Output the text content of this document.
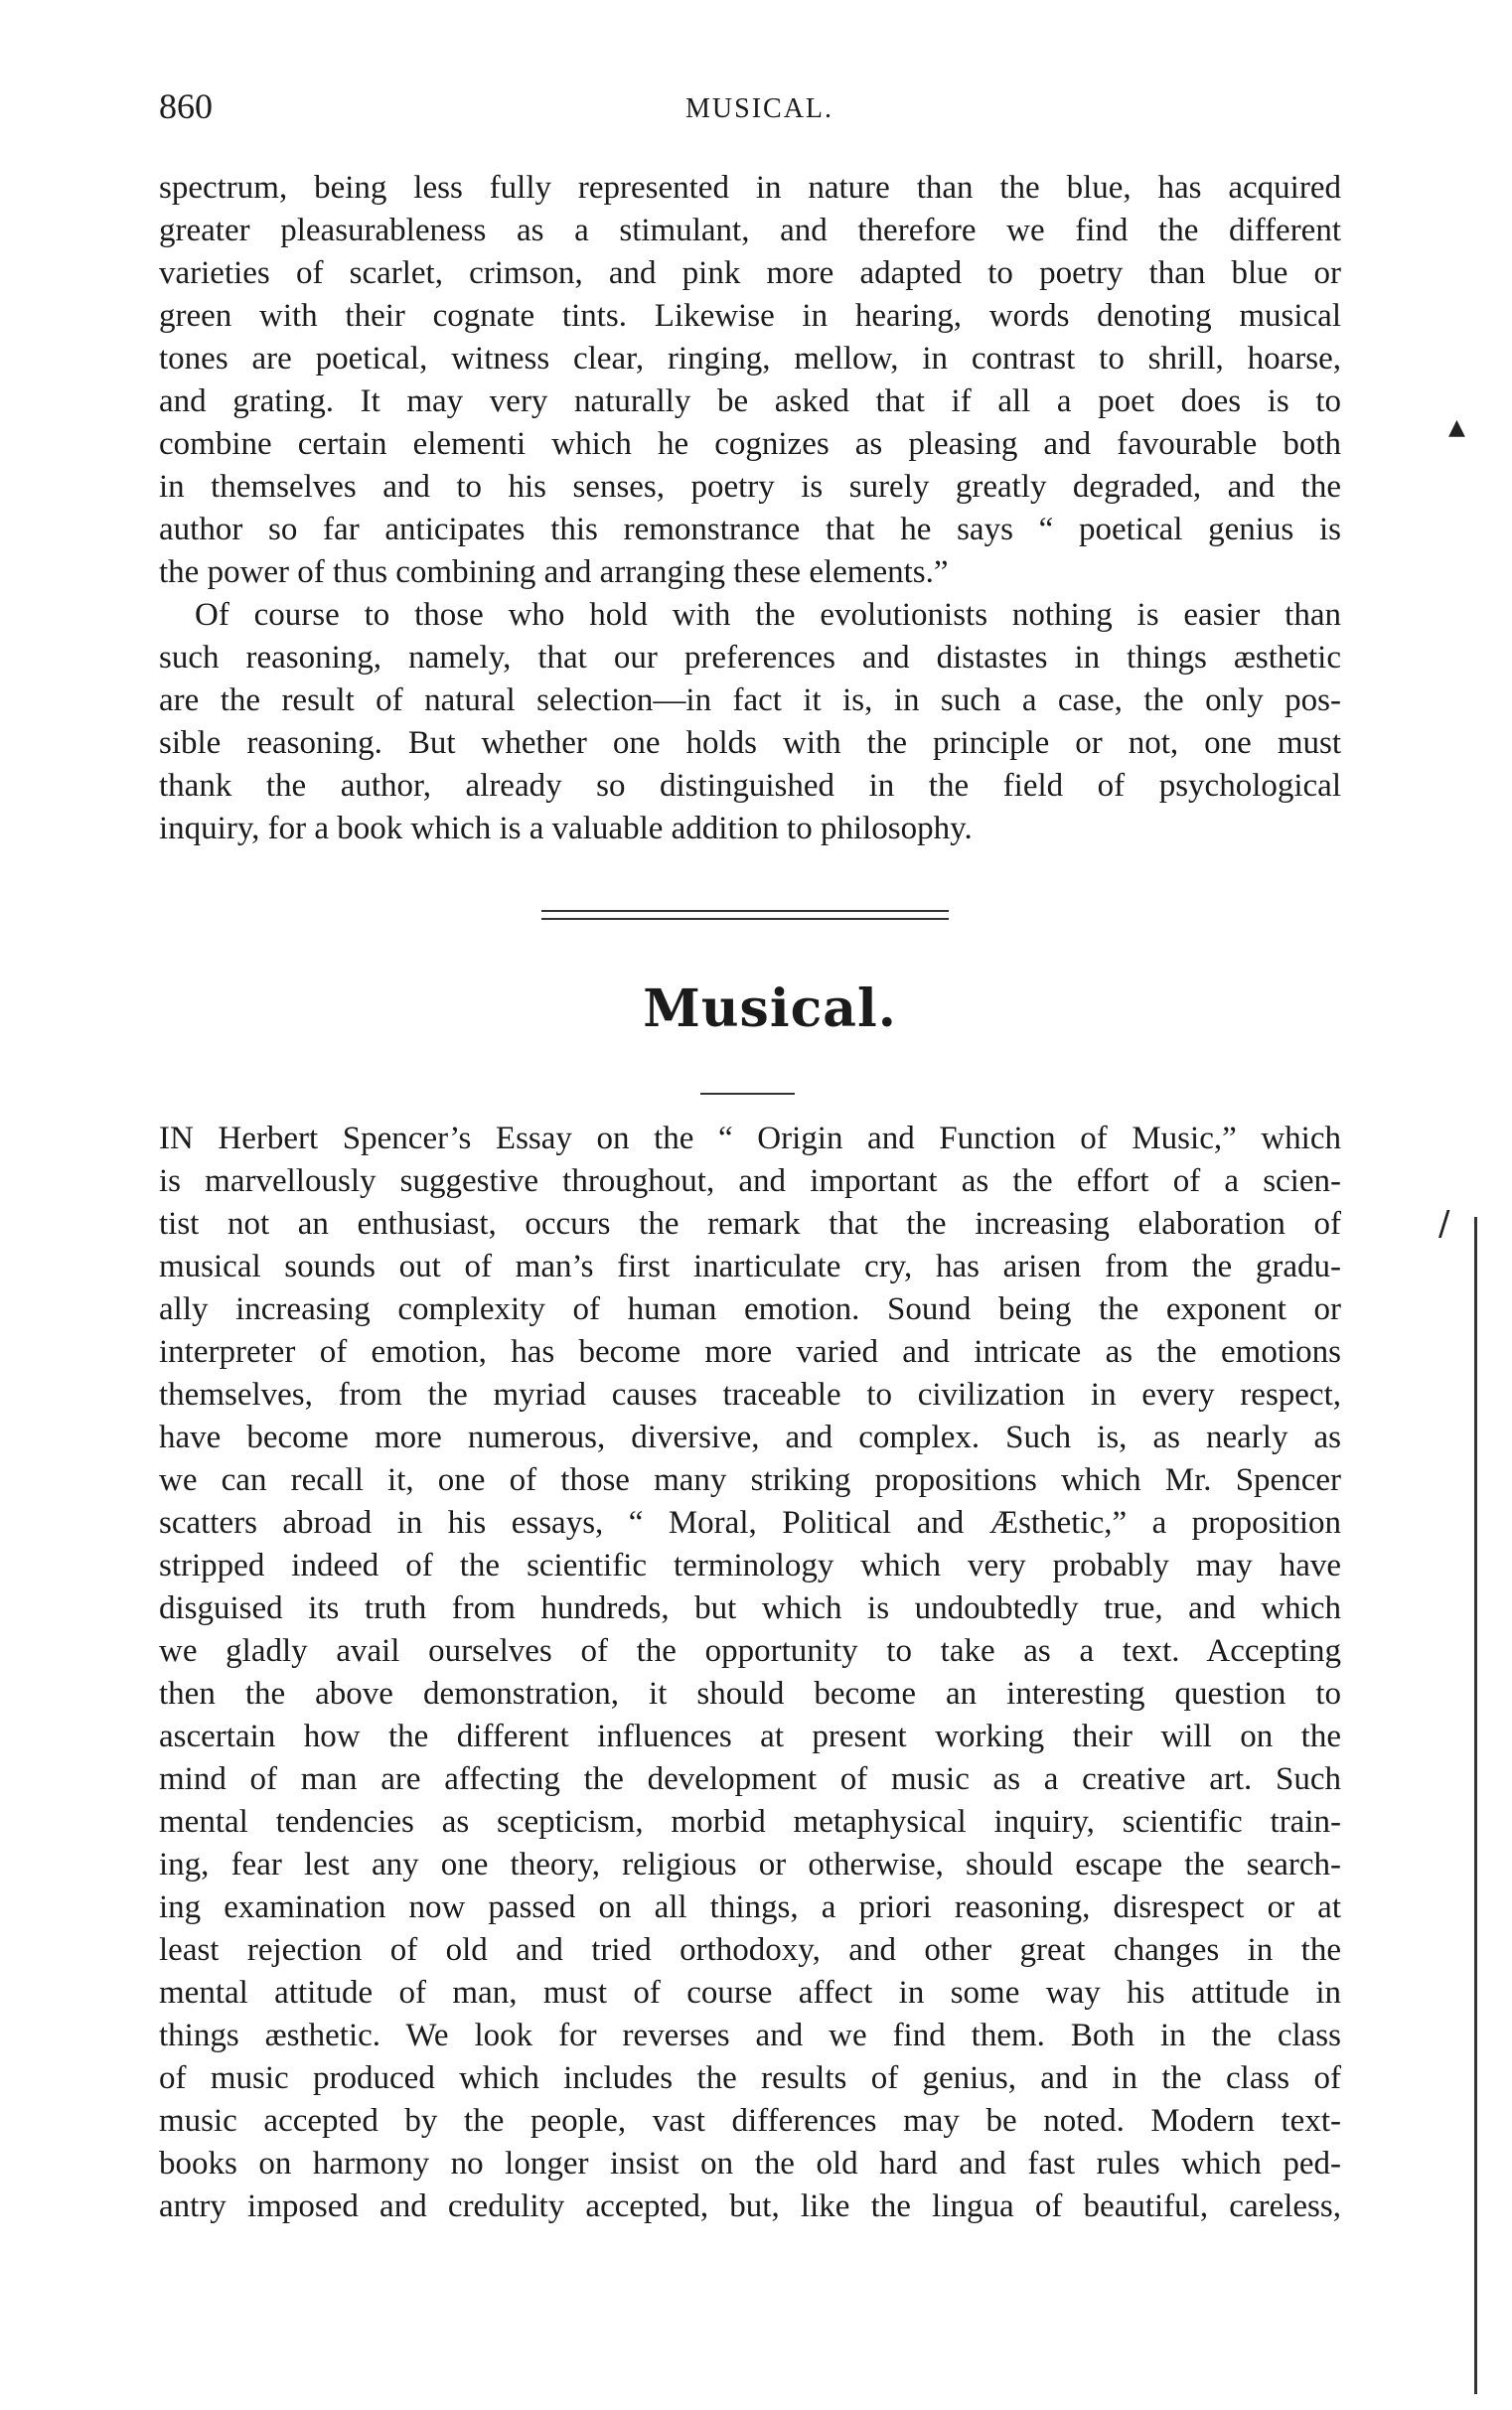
860	MUSICAL.
spectrum, being less fully represented in nature than the blue, has acquired
greater pleasurableness as a stimulant, and therefore we find the different
varieties of scarlet, crimson, and pink more adapted to poetry than blue or
green with their cognate tints. Likewise in hearing, words denoting musical
tones are poetical, witness clear, ringing, mellow, in contrast to shrill, hoarse,
and grating. It may very naturally be asked that if all a poet does is to
combine certain elementi which he cognizes as pleasing and favourable both
in themselves and to his senses, poetry is surely greatly degraded, and the
author so far anticipates this remonstrance that he says “ poetical genius is
the power of thus combining and arranging these elements.”
Of course to those who hold with the evolutionists nothing is easier than
such reasoning, namely, that our preferences and distastes in things æsthetic
are the result of natural selection—in fact it is, in such a case, the only pos-
sible reasoning. But whether one holds with the principle or not, one must
thank the author, already so distinguished in the field of psychological
inquiry, for a book which is a valuable addition to philosophy.
Musical.
IN Herbert Spencer’s Essay on the “ Origin and Function of Music,” which
is marvellously suggestive throughout, and important as the effort of a scien-
tist not an enthusiast, occurs the remark that the increasing elaboration of
musical sounds out of man’s first inarticulate cry, has arisen from the gradu-
ally increasing complexity of human emotion. Sound being the exponent or
interpreter of emotion, has become more varied and intricate as the emotions
themselves, from the myriad causes traceable to civilization in every respect,
have become more numerous, diversive, and complex. Such is, as nearly as
we can recall it, one of those many striking propositions which Mr. Spencer
scatters abroad in his essays, “ Moral, Political and Æsthetic,” a proposition
stripped indeed of the scientific terminology which very probably may have
disguised its truth from hundreds, but which is undoubtedly true, and which
we gladly avail ourselves of the opportunity to take as a text. Accepting
then the above demonstration, it should become an interesting question to
ascertain how the different influences at present working their will on the
mind of man are affecting the development of music as a creative art. Such
mental tendencies as scepticism, morbid metaphysical inquiry, scientific train-
ing, fear lest any one theory, religious or otherwise, should escape the search-
ing examination now passed on all things, a priori reasoning, disrespect or at
least rejection of old and tried orthodoxy, and other great changes in the
mental attitude of man, must of course affect in some way his attitude in
things æsthetic. We look for reverses and we find them. Both in the class
of music produced which includes the results of genius, and in the class of
music accepted by the people, vast differences may be noted. Modern text-
books on harmony no longer insist on the old hard and fast rules which ped-
antry imposed and credulity accepted, but, like the lingua of beautiful, careless,
▲
/
